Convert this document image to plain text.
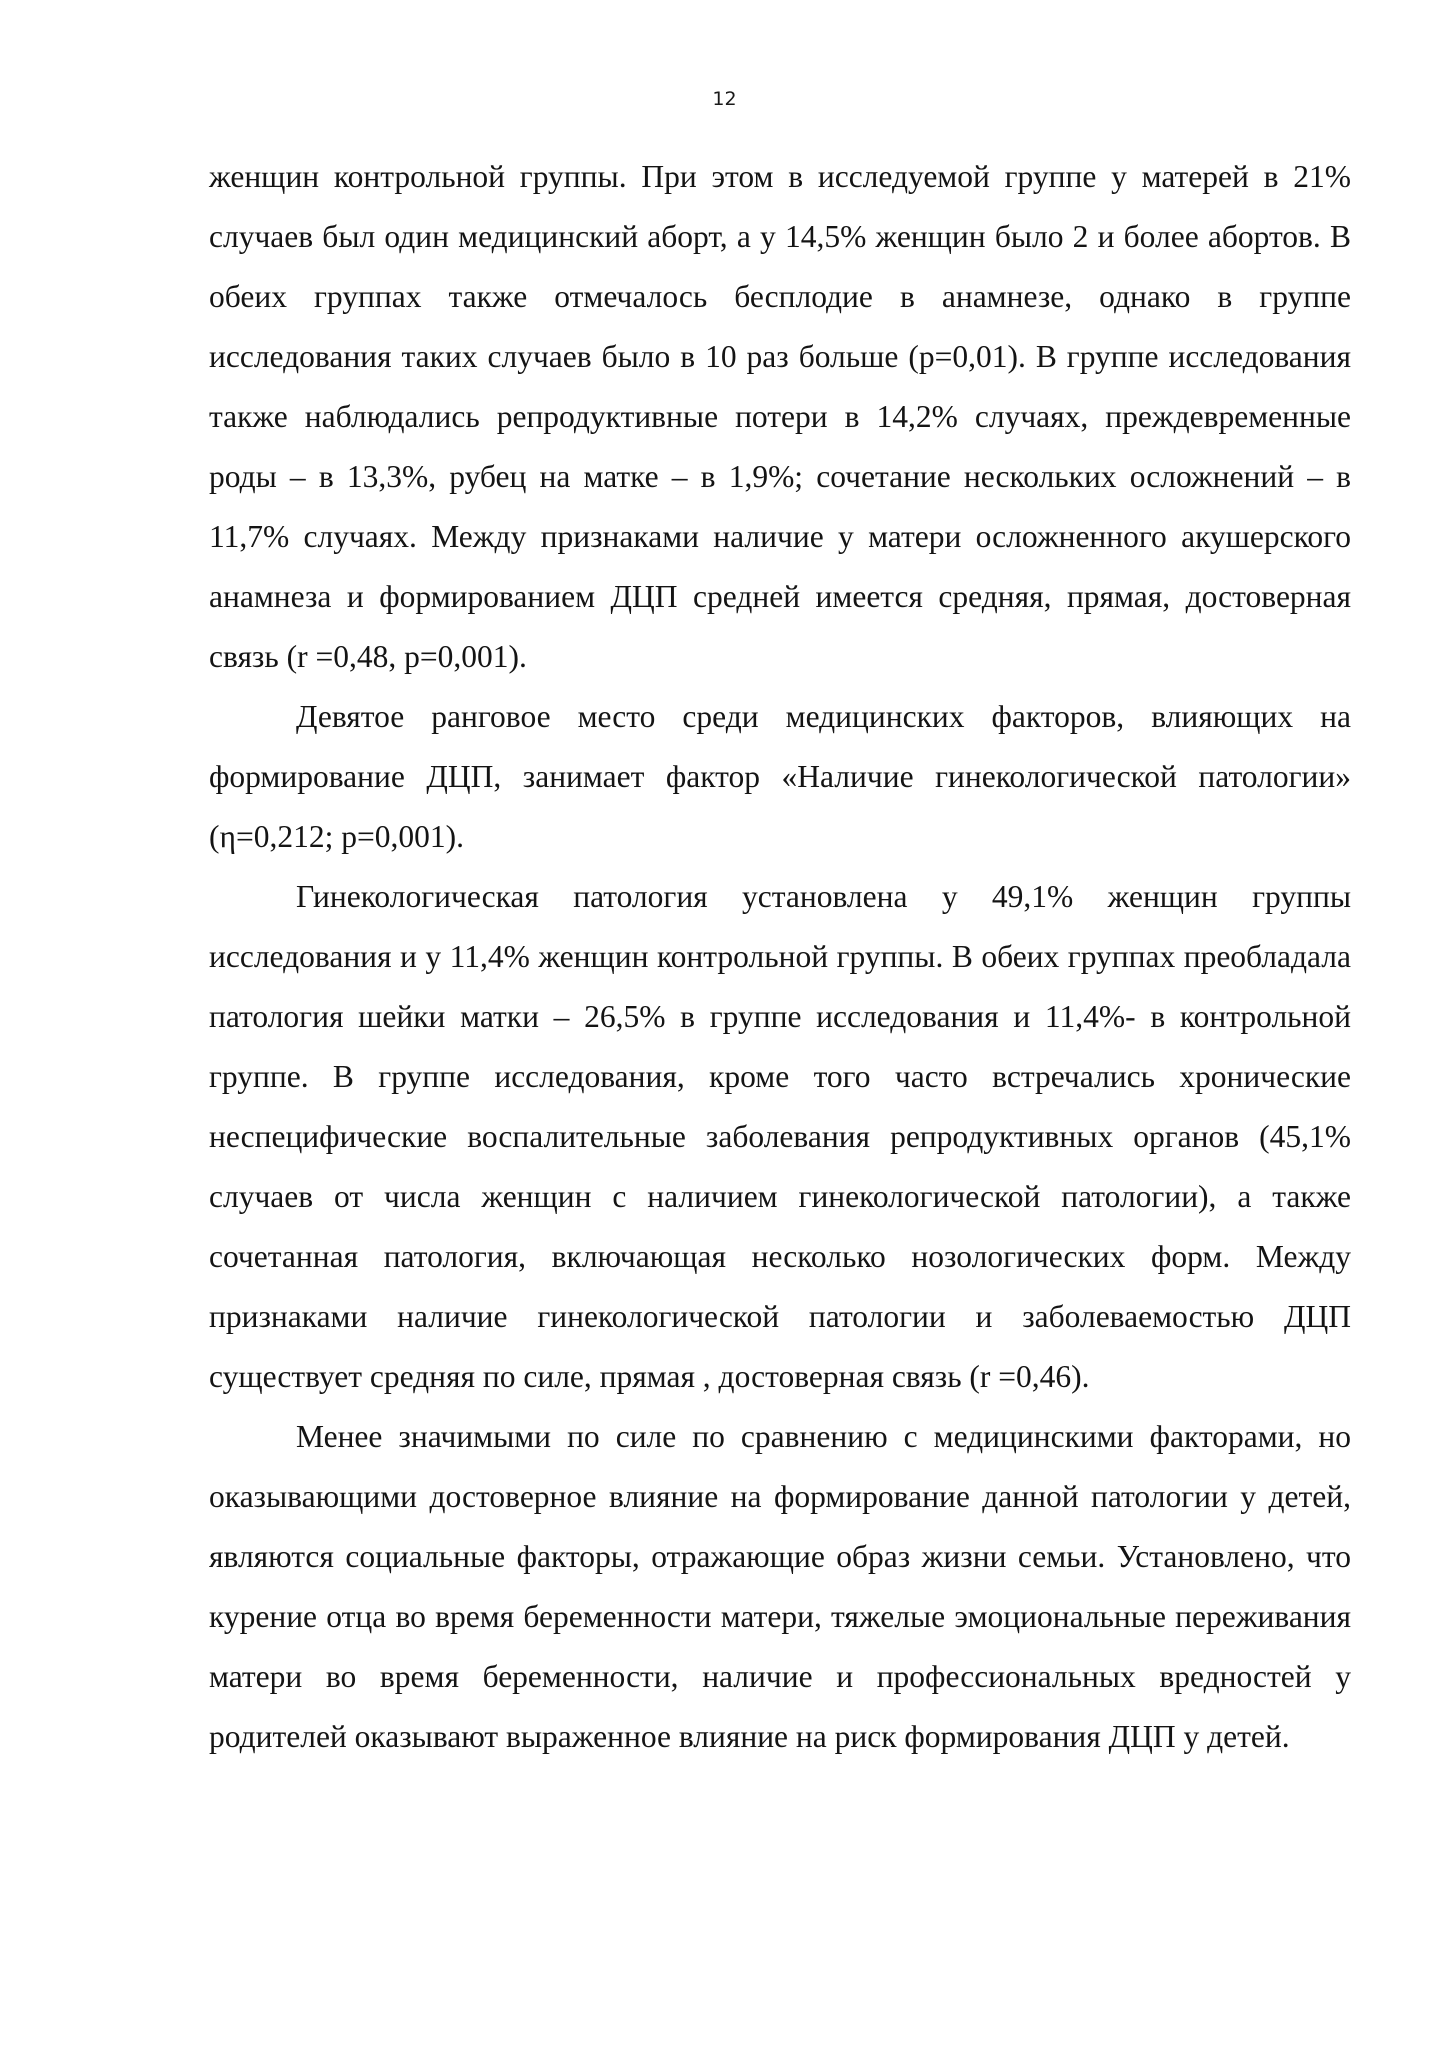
12

женщин контрольной группы. При этом в исследуемой группе у матерей в 21% случаев был один медицинский аборт, а у 14,5% женщин было 2 и более абортов. В обеих группах также отмечалось бесплодие в анамнезе, однако в группе исследования таких случаев было в 10 раз больше (р=0,01). В группе исследования также наблюдались репродуктивные потери в 14,2% случаях, преждевременные роды – в 13,3%, рубец на матке – в 1,9%; сочетание нескольких осложнений – в 11,7% случаях. Между признаками наличие у матери осложненного акушерского анамнеза и формированием ДЦП средней имеется средняя, прямая, достоверная связь (r =0,48, р=0,001).

Девятое ранговое место среди медицинских факторов, влияющих на формирование ДЦП, занимает фактор «Наличие гинекологической патологии» (η=0,212; р=0,001).

Гинекологическая патология установлена у 49,1% женщин группы исследования и у 11,4% женщин контрольной группы. В обеих группах преобладала патология шейки матки – 26,5% в группе исследования и 11,4%- в контрольной группе. В группе исследования, кроме того часто встречались хронические неспецифические воспалительные заболевания репродуктивных органов (45,1% случаев от числа женщин с наличием гинекологической патологии), а также сочетанная патология, включающая несколько нозологических форм. Между признаками наличие гинекологической патологии и заболеваемостью ДЦП существует средняя по силе, прямая , достоверная связь (r =0,46).

Менее значимыми по силе по сравнению с медицинскими факторами, но оказывающими достоверное влияние на формирование данной патологии у детей, являются социальные факторы, отражающие образ жизни семьи. Установлено, что курение отца во время беременности матери, тяжелые эмоциональные переживания матери во время беременности, наличие и профессиональных вредностей у родителей оказывают выраженное влияние на риск формирования ДЦП у детей.
